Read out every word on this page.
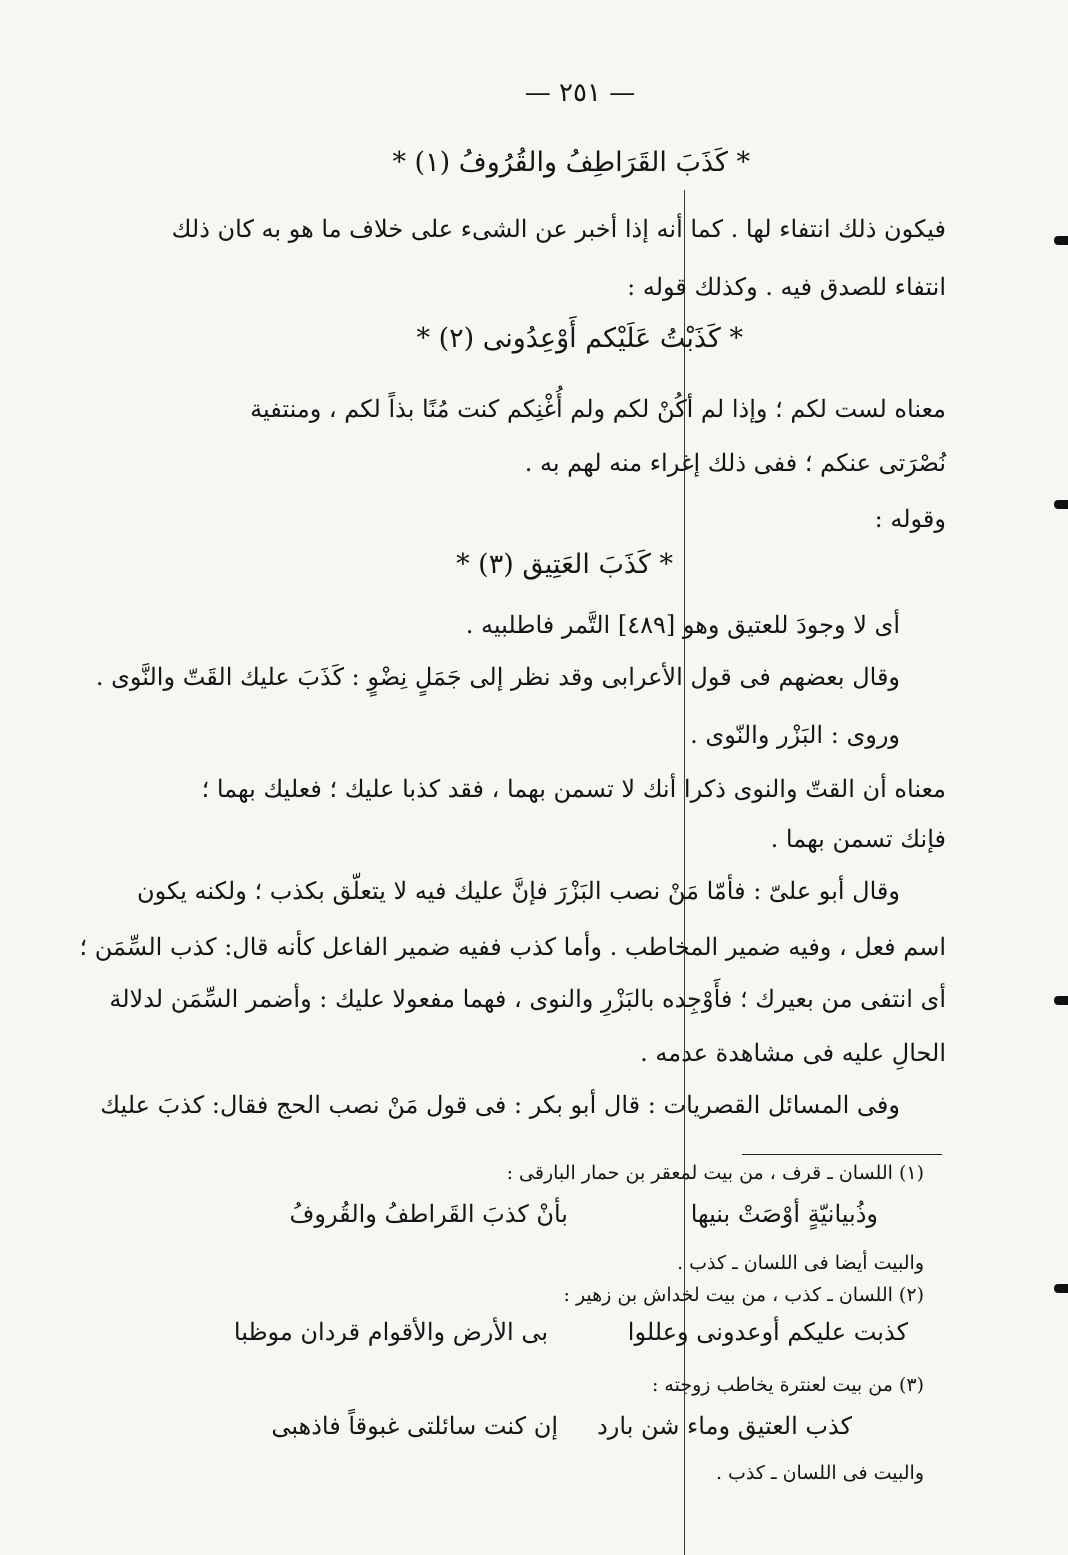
— ٢٥١ —
* كَذَبَ القَرَاطِفُ والقُرُوفُ (١) *
فيكون ذلك انتفاء لها . كما أنه إذا أخبر عن الشىء على خلاف ما هو به كان ذلك
انتفاء للصدق فيه . وكذلك قوله :
* كَذَبْتُ عَلَيْكم أَوْعِدُونى (٢) *
معناه لست لكم ؛ وإذا لم أكُنْ لكم ولم أُغْنِكم كنت مُنًا بذاً لكم ، ومنتفية
نُصْرَتى عنكم ؛ ففى ذلك إغراء منه لهم به .
وقوله :
* كَذَبَ العَتِيق (٣) *
أى لا وجودَ للعتيق وهو [٤٨٩] التَّمر فاطلبيه .
وقال بعضهم فى قول الأعرابى وقد نظر إلى جَمَلٍ نِضْوٍ : كَذَبَ عليك القَتّ والنَّوى .
وروى : البَزْر والنّوى .
معناه أن القتّ والنوى ذكرا أنك لا تسمن بهما ، فقد كذبا عليك ؛ فعليك بهما ؛
فإنك تسمن بهما .
وقال أبو علىّ : فأمّا مَنْ نصب البَزْرَ فإنَّ عليك فيه لا يتعلّق بكذب ؛ ولكنه يكون
اسم فعل ، وفيه ضمير المخاطب . وأما كذب ففيه ضمير الفاعل كأنه قال: كذب السِّمَن ؛
أى انتفى من بعيرك ؛ فأَوْجِده بالبَزْرِ والنوى ، فهما مفعولا عليك : وأضمر السِّمَن لدلالة
الحالِ عليه فى مشاهدة عدمه .
وفى المسائل القصريات : قال أبو بكر : فى قول مَنْ نصب الحج فقال: كذبَ عليك
(١) اللسان ـ قرف ، من بيت لمعقر بن حمار البارقى :
وذُبيانيّةٍ أوْصَتْ بنيها
بأنْ كذبَ القَراطفُ والقُروفُ
والبيت أيضا فى اللسان ـ كذب .
(٢) اللسان ـ كذب ، من بيت لخداش بن زهير :
كذبت عليكم أوعدونى وعللوا
بى الأرض والأقوام قردان موظبا
(٣) من بيت لعنترة يخاطب زوجته :
كذب العتيق وماء شن بارد
إن كنت سائلتى غبوقاً فاذهبى
والبيت فى اللسان ـ كذب .
